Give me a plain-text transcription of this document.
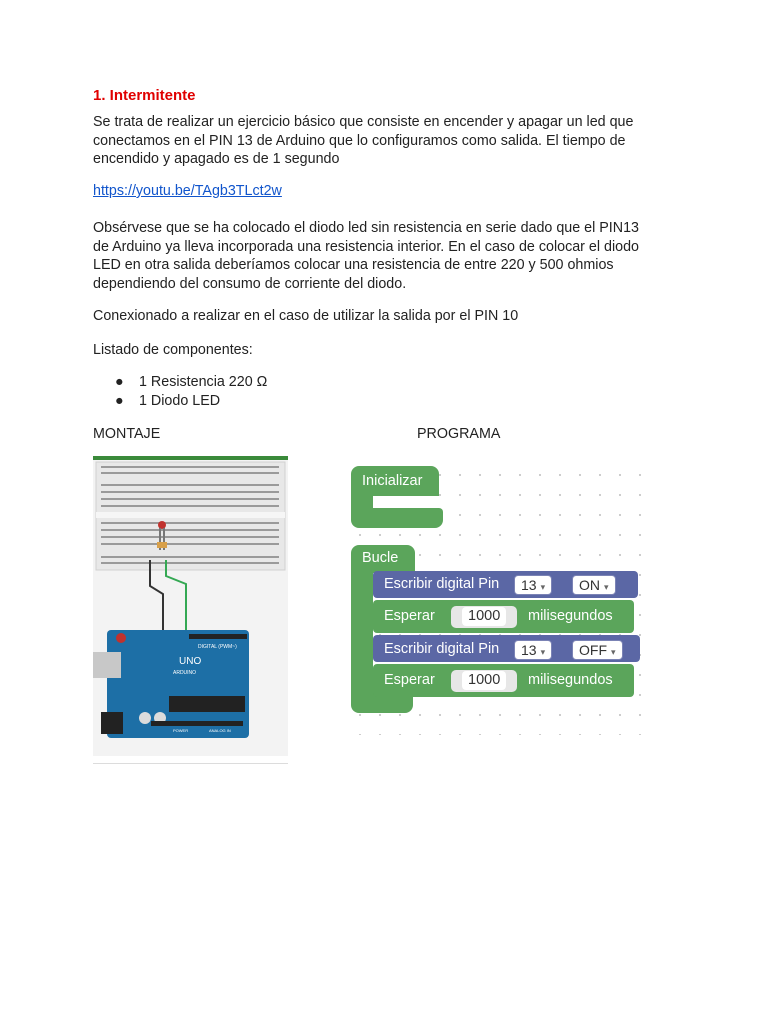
1. Intermitente
Se trata de realizar un ejercicio básico que consiste en encender y apagar un led que
conectamos en el PIN 13 de Arduino que lo configuramos como salida. El tiempo de
encendido y apagado es de 1 segundo
https://youtu.be/TAgb3TLct2w
Obsérvese que se ha colocado el diodo led sin resistencia en serie dado que el PIN13
de Arduino ya lleva incorporada una resistencia interior. En el caso de colocar el diodo
LED en otra salida deberíamos colocar una resistencia de entre 220 y 500 ohmios
dependiendo del consumo de corriente del diodo.
Conexionado a realizar en el caso de utilizar la salida por el PIN 10
Listado de componentes:
● 1 Resistencia 220 Ω
● 1 Diodo LED
MONTAJE	PROGRAMA
UNO
ARDUINO
DIGITAL (PWM~)
POWER	ANALOG IN
Inicializar
Bucle
Escribir digital Pin	13 ▾	ON ▾
Esperar	1000	milisegundos
Escribir digital Pin	13 ▾	OFF ▾
Esperar	1000	milisegundos
